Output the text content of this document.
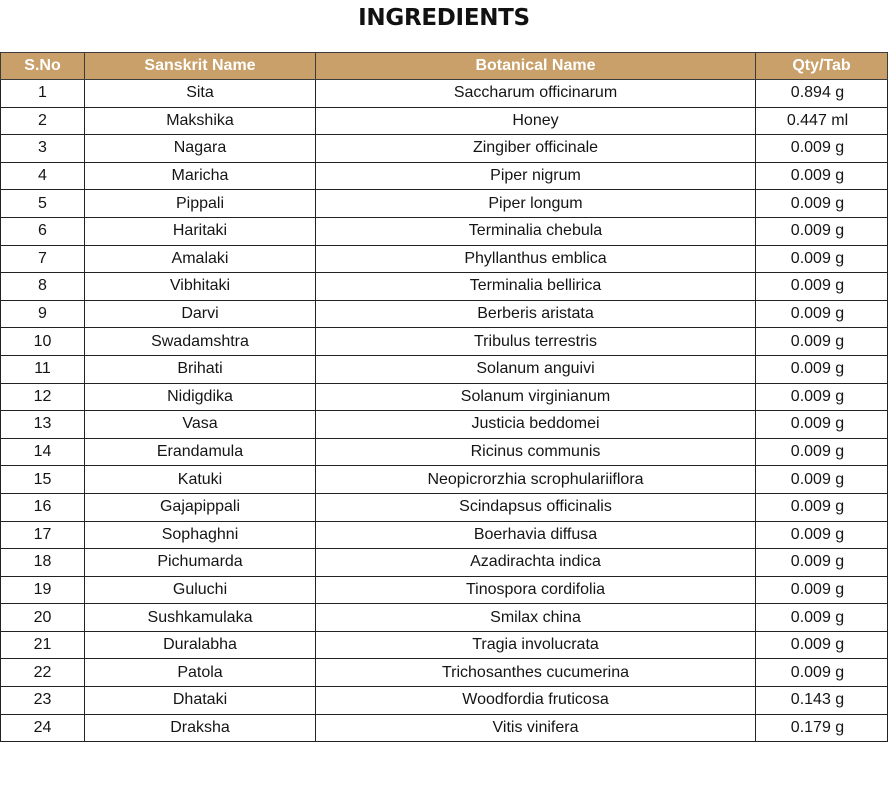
INGREDIENTS
S.No	Sanskrit Name	Botanical Name	Qty/Tab
1	Sita	Saccharum officinarum	0.894 g
2	Makshika	Honey	0.447 ml
3	Nagara	Zingiber officinale	0.009 g
4	Maricha	Piper nigrum	0.009 g
5	Pippali	Piper longum	0.009 g
6	Haritaki	Terminalia chebula	0.009 g
7	Amalaki	Phyllanthus emblica	0.009 g
8	Vibhitaki	Terminalia bellirica	0.009 g
9	Darvi	Berberis aristata	0.009 g
10	Swadamshtra	Tribulus terrestris	0.009 g
11	Brihati	Solanum anguivi	0.009 g
12	Nidigdika	Solanum virginianum	0.009 g
13	Vasa	Justicia beddomei	0.009 g
14	Erandamula	Ricinus communis	0.009 g
15	Katuki	Neopicrorzhia scrophulariiflora	0.009 g
16	Gajapippali	Scindapsus officinalis	0.009 g
17	Sophaghni	Boerhavia diffusa	0.009 g
18	Pichumarda	Azadirachta indica	0.009 g
19	Guluchi	Tinospora cordifolia	0.009 g
20	Sushkamulaka	Smilax china	0.009 g
21	Duralabha	Tragia involucrata	0.009 g
22	Patola	Trichosanthes cucumerina	0.009 g
23	Dhataki	Woodfordia fruticosa	0.143 g
24	Draksha	Vitis vinifera	0.179 g
